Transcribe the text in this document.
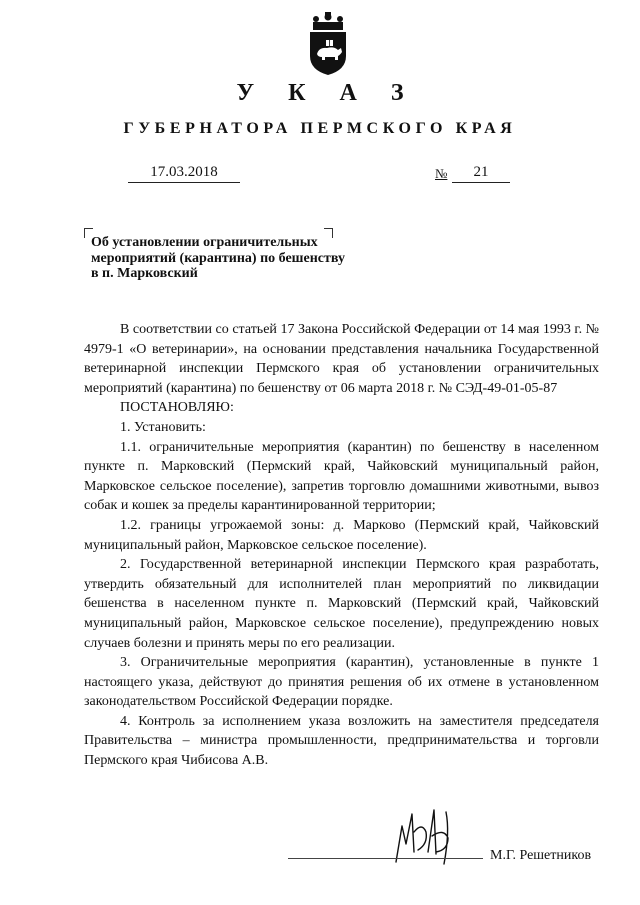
У К А З
ГУБЕРНАТОРА ПЕРМСКОГО КРАЯ
17.03.2018	№	21
Об установлении ограничительных
мероприятий (карантина) по бешенству
в п. Марковский

В соответствии со статьей 17 Закона Российской Федерации от 14 мая 1993 г. № 4979-1 «О ветеринарии», на основании представления начальника Государственной ветеринарной инспекции Пермского края об установлении ограничительных мероприятий (карантина) по бешенству от 06 марта 2018 г. № СЭД-49-01-05-87

ПОСТАНОВЛЯЮ:

1. Установить:

1.1. ограничительные мероприятия (карантин) по бешенству в населенном пункте п. Марковский (Пермский край, Чайковский муниципальный район, Марковское сельское поселение), запретив торговлю домашними животными, вывоз собак и кошек за пределы карантинированной территории;

1.2. границы угрожаемой зоны: д. Марково (Пермский край, Чайковский муниципальный район, Марковское сельское поселение).

2. Государственной ветеринарной инспекции Пермского края разработать, утвердить обязательный для исполнителей план мероприятий по ликвидации бешенства в населенном пункте п. Марковский (Пермский край, Чайковский муниципальный район, Марковское сельское поселение), предупреждению новых случаев болезни и принять меры по его реализации.

3. Ограничительные мероприятия (карантин), установленные в пункте 1 настоящего указа, действуют до принятия решения об их отмене в установленном законодательством Российской Федерации порядке.

4. Контроль за исполнением указа возложить на заместителя председателя Правительства – министра промышленности, предпринимательства и торговли Пермского края Чибисова А.В.

М.Г. Решетников
